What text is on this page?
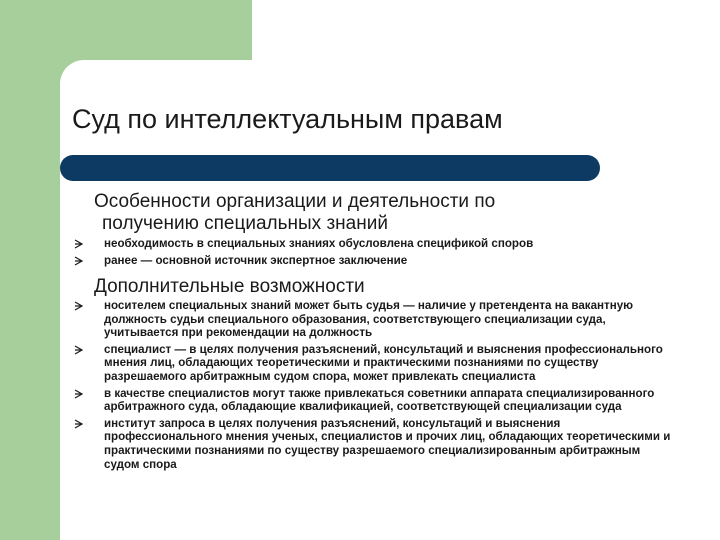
Суд по интеллектуальным правам
Особенности организации и деятельности по
получению специальных знаний
необходимость в специальных знаниях обусловлена спецификой споров
ранее — основной источник экспертное заключение
Дополнительные возможности
носителем специальных знаний может быть судья — наличие у претендента на вакантную должность судьи специального образования, соответствующего специализации суда, учитывается при рекомендации на должность
специалист — в целях получения разъяснений, консультаций и выяснения профессионального мнения лиц, обладающих теоретическими и практическими познаниями по существу разрешаемого арбитражным судом спора, может привлекать специалиста
в качестве специалистов могут также привлекаться советники аппарата специализированного арбитражного суда, обладающие квалификацией, соответствующей специализации суда
институт запроса в целях получения разъяснений, консультаций и выяснения профессионального мнения ученых, специалистов и прочих лиц, обладающих теоретическими и практическими познаниями по существу разрешаемого специализированным арбитражным судом спора
